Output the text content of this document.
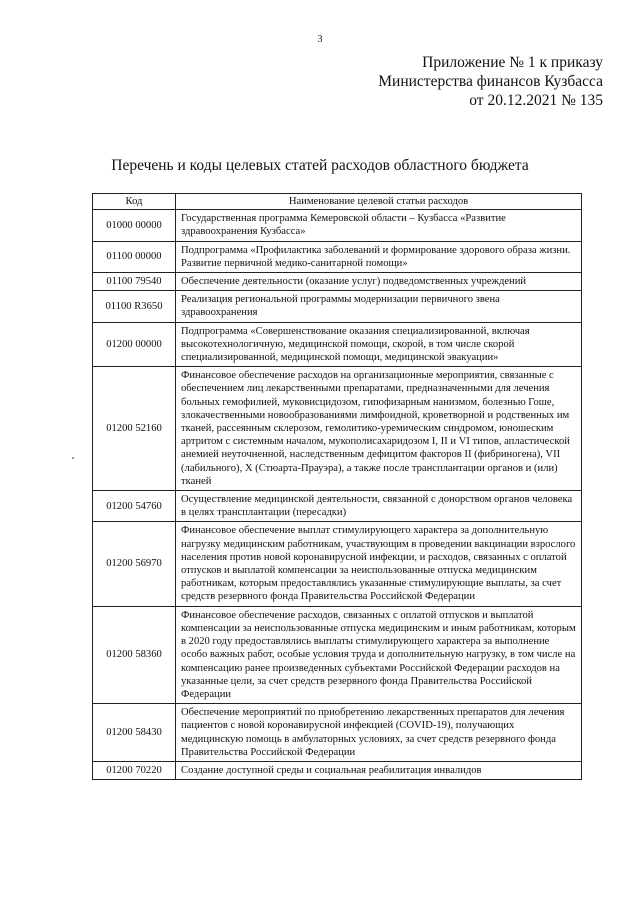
3
Приложение № 1 к приказу
Министерства финансов Кузбасса
от 20.12.2021 № 135
Перечень и коды целевых статей расходов областного бюджета
Код	Наименование целевой статьи расходов
01000 00000	Государственная программа Кемеровской области – Кузбасса «Развитие здравоохранения Кузбасса»
01100 00000	Подпрограмма «Профилактика заболеваний и формирование здорового образа жизни. Развитие первичной медико-санитарной помощи»
01100 79540	Обеспечение деятельности (оказание услуг) подведомственных учреждений
01100 R3650	Реализация региональной программы модернизации первичного звена здравоохранения
01200 00000	Подпрограмма «Совершенствование оказания специализированной, включая высокотехнологичную, медицинской помощи, скорой, в том числе скорой специализированной, медицинской помощи, медицинской эвакуации»
01200 52160	Финансовое обеспечение расходов на организационные мероприятия, связанные с обеспечением лиц лекарственными препаратами, предназначенными для лечения больных гемофилией, муковисцидозом, гипофизарным нанизмом, болезнью Гоше, злокачественными новообразованиями лимфоидной, кроветворной и родственных им тканей, рассеянным склерозом, гемолитико-уремическим синдромом, юношеским артритом с системным началом, мукополисахаридозом I, II и VI типов, апластической анемией неуточненной, наследственным дефицитом факторов II (фибриногена), VII (лабильного), X (Стюарта-Прауэра), а также после трансплантации органов и (или) тканей
01200 54760	Осуществление медицинской деятельности, связанной с донорством органов человека в целях трансплантации (пересадки)
01200 56970	Финансовое обеспечение выплат стимулирующего характера за дополнительную нагрузку медицинским работникам, участвующим в проведении вакцинации взрослого населения против новой коронавирусной инфекции, и расходов, связанных с оплатой отпусков и выплатой компенсации за неиспользованные отпуска медицинским работникам, которым предоставлялись указанные стимулирующие выплаты, за счет средств резервного фонда Правительства Российской Федерации
01200 58360	Финансовое обеспечение расходов, связанных с оплатой отпусков и выплатой компенсации за неиспользованные отпуска медицинским и иным работникам, которым в 2020 году предоставлялись выплаты стимулирующего характера за выполнение особо важных работ, особые условия труда и дополнительную нагрузку, в том числе на компенсацию ранее произведенных субъектами Российской Федерации расходов на указанные цели, за счет средств резервного фонда Правительства Российской Федерации
01200 58430	Обеспечение мероприятий по приобретению лекарственных препаратов для лечения пациентов с новой коронавирусной инфекцией (COVID-19), получающих медицинскую помощь в амбулаторных условиях, за счет средств резервного фонда Правительства Российской Федерации
01200 70220	Создание доступной среды и социальная реабилитация инвалидов
